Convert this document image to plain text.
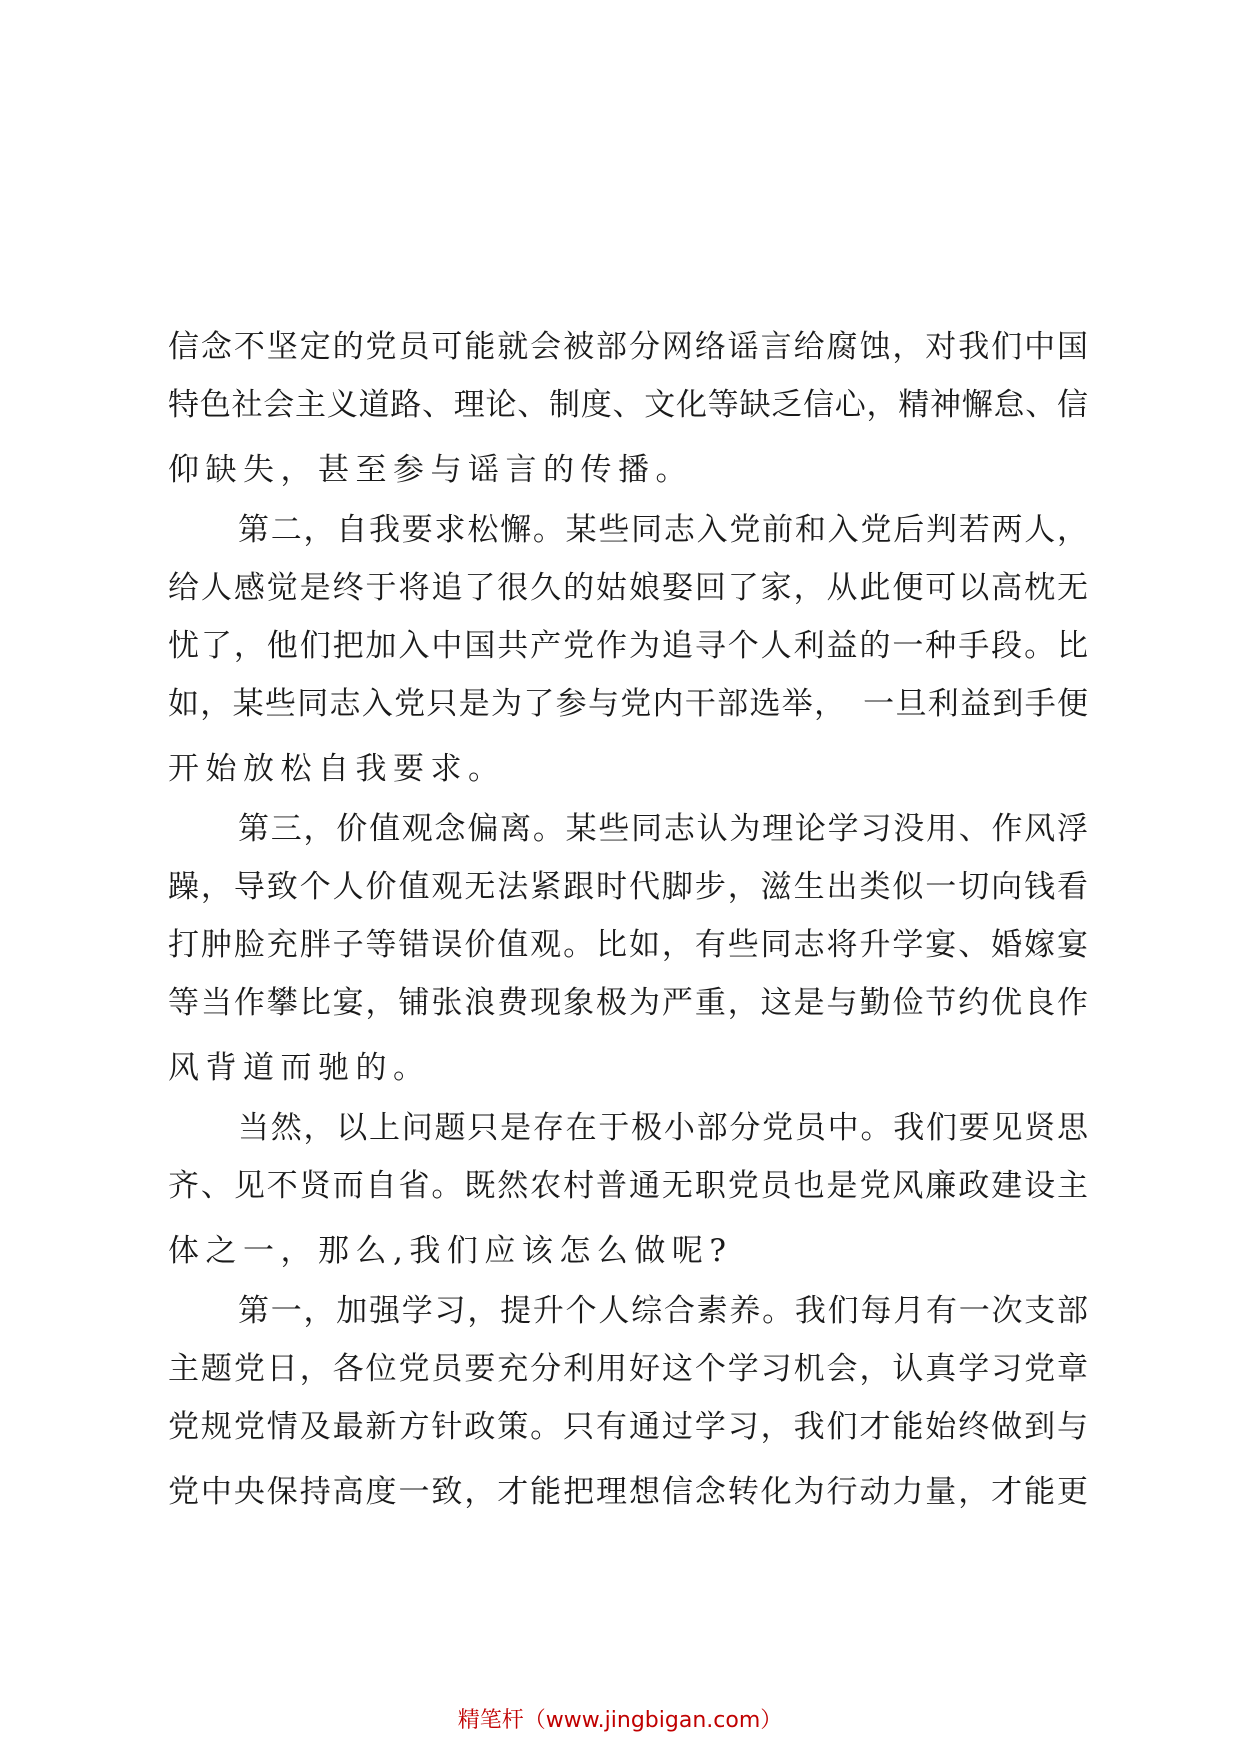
信念不坚定的党员可能就会被部分网络谣言给腐蚀，对我们中国
特色社会主义道路、理论、制度、文化等缺乏信心，精神懈怠、信
仰缺失，甚至参与谣言的传播。
第二，自我要求松懈。某些同志入党前和入党后判若两人，
给人感觉是终于将追了很久的姑娘娶回了家，从此便可以高枕无
忧了，他们把加入中国共产党作为追寻个人利益的一种手段。比
如，某些同志入党只是为了参与党内干部选举，　一旦利益到手便
开始放松自我要求。
第三，价值观念偏离。某些同志认为理论学习没用、作风浮
躁，导致个人价值观无法紧跟时代脚步，滋生出类似一切向钱看
打肿脸充胖子等错误价值观。比如，有些同志将升学宴、婚嫁宴
等当作攀比宴，铺张浪费现象极为严重，这是与勤俭节约优良作
风背道而驰的。
当然，以上问题只是存在于极小部分党员中。我们要见贤思
齐、见不贤而自省。既然农村普通无职党员也是党风廉政建设主
体之一，那么,我们应该怎么做呢?
第一，加强学习，提升个人综合素养。我们每月有一次支部
主题党日，各位党员要充分利用好这个学习机会，认真学习党章
党规党情及最新方针政策。只有通过学习，我们才能始终做到与
党中央保持高度一致，才能把理想信念转化为行动力量，才能更
精笔杆（www.jingbigan.com）
